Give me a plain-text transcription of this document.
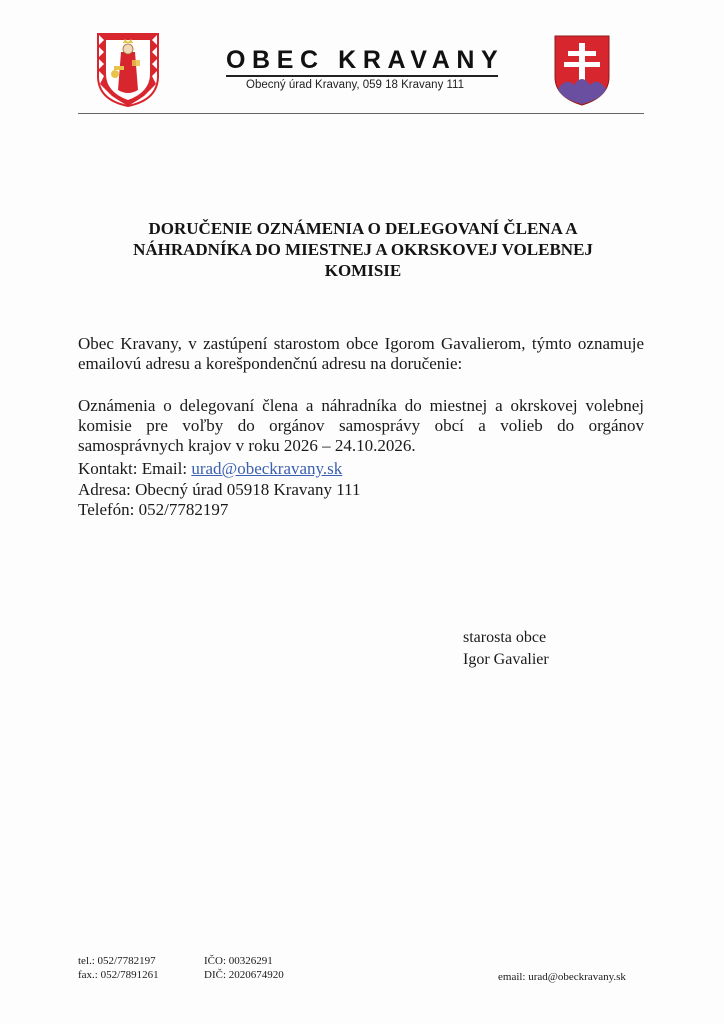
OBEC KRAVANY
Obecný úrad Kravany, 059 18 Kravany 111
DORUČENIE OZNÁMENIA O DELEGOVANÍ ČLENA A
NÁHRADNÍKA DO MIESTNEJ A OKRSKOVEJ VOLEBNEJ
KOMISIE
Obec Kravany, v zastúpení starostom obce Igorom Gavalierom, týmto oznamuje emailovú adresu a korešpondenčnú adresu na doručenie:
Oznámenia o delegovaní člena a náhradníka do miestnej a okrskovej volebnej komisie pre voľby do orgánov samosprávy obcí a volieb do orgánov samosprávnych krajov v roku 2026 – 24.10.2026.
Kontakt: Email: urad@obeckravany.sk
Adresa: Obecný úrad 05918 Kravany 111
Telefón: 052/7782197
starosta obce
Igor Gavalier
tel.: 052/7782197
fax.: 052/7891261
IČO: 00326291
DIČ: 2020674920	email: urad@obeckravany.sk
